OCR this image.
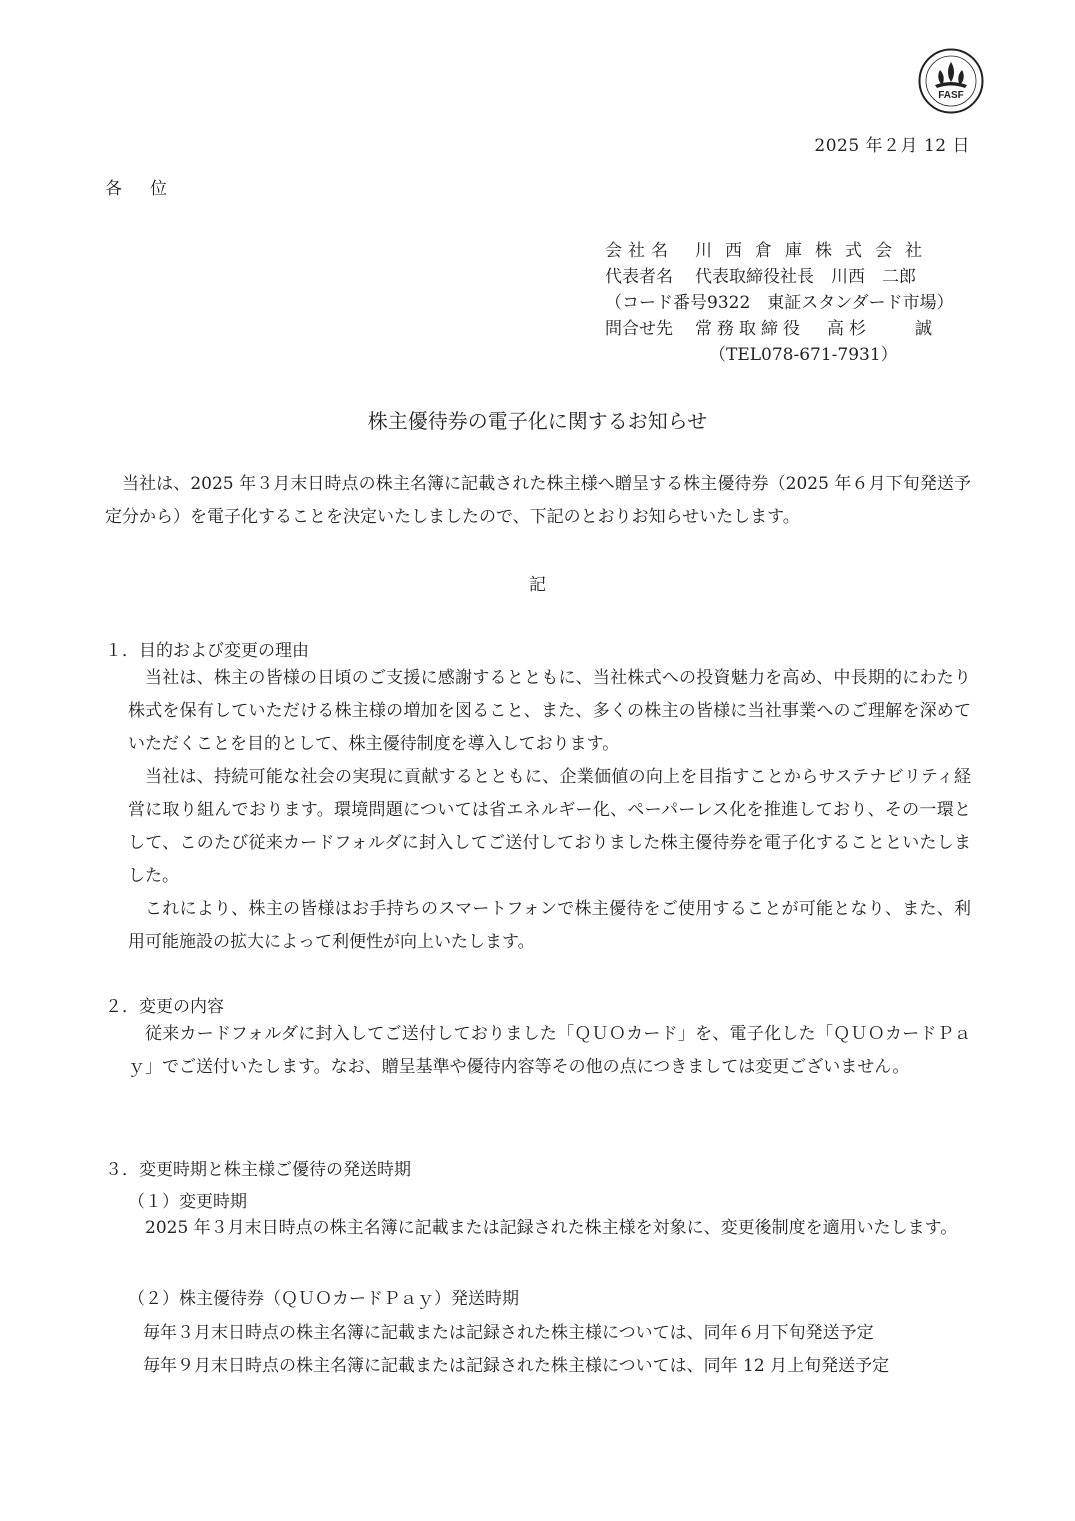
FASF
2025 年２月 12 日
各位
会社名	川西倉庫株式会社
代表者名	代表取締役社長　川西　二郎
（コード番号9322　東証スタンダード市場）
問合せ先	常務取締役　高杉　　誠
（TEL078-671-7931）
株主優待券の電子化に関するお知らせ
当社は、2025 年３月末日時点の株主名簿に記載された株主様へ贈呈する株主優待券（2025 年６月下旬発送予定分から）を電子化することを決定いたしましたので、下記のとおりお知らせいたします。
記
１．目的および変更の理由

当社は、株主の皆様の日頃のご支援に感謝するとともに、当社株式への投資魅力を高め、中長期的にわたり株式を保有していただける株主様の増加を図ること、また、多くの株主の皆様に当社事業へのご理解を深めていただくことを目的として、株主優待制度を導入しております。

当社は、持続可能な社会の実現に貢献するとともに、企業価値の向上を目指すことからサステナビリティ経営に取り組んでおります。環境問題については省エネルギー化、ペーパーレス化を推進しており、その一環として、このたび従来カードフォルダに封入してご送付しておりました株主優待券を電子化することといたしました。

これにより、株主の皆様はお手持ちのスマートフォンで株主優待をご使用することが可能となり、また、利用可能施設の拡大によって利便性が向上いたします。

２．変更の内容

従来カードフォルダに封入してご送付しておりました「ＱＵＯカード」を、電子化した「ＱＵＯカードＰａｙ」でご送付いたします。なお、贈呈基準や優待内容等その他の点につきましては変更ございません。

３．変更時期と株主様ご優待の発送時期
（１）変更時期

2025 年３月末日時点の株主名簿に記載または記録された株主様を対象に、変更後制度を適用いたします。

（２）株主優待券（ＱＵＯカードＰａｙ）発送時期
毎年３月末日時点の株主名簿に記載または記録された株主様については、同年６月下旬発送予定
毎年９月末日時点の株主名簿に記載または記録された株主様については、同年 12 月上旬発送予定
